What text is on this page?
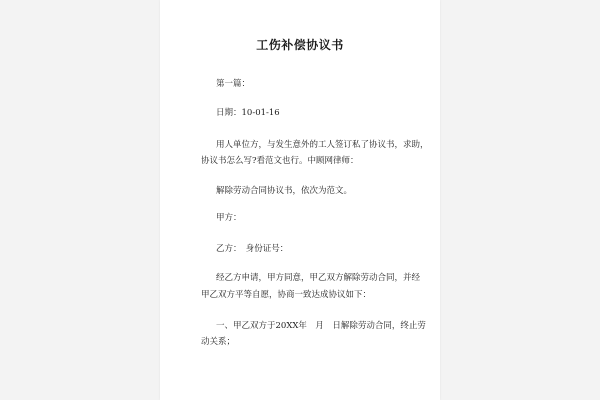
工伤补偿协议书
第一篇：
日期：10-01-16
用人单位方，与发生意外的工人签订私了协议书，求助，
协议书怎么写?看范文也行。中顾网律师：
解除劳动合同协议书，依次为范文。
甲方：
乙方：　身份证号：
经乙方申请，甲方同意，甲乙双方解除劳动合同，并经
甲乙双方平等自愿，协商一致达成协议如下：
一、甲乙双方于20XX年　月　日解除劳动合同，终止劳
动关系；
